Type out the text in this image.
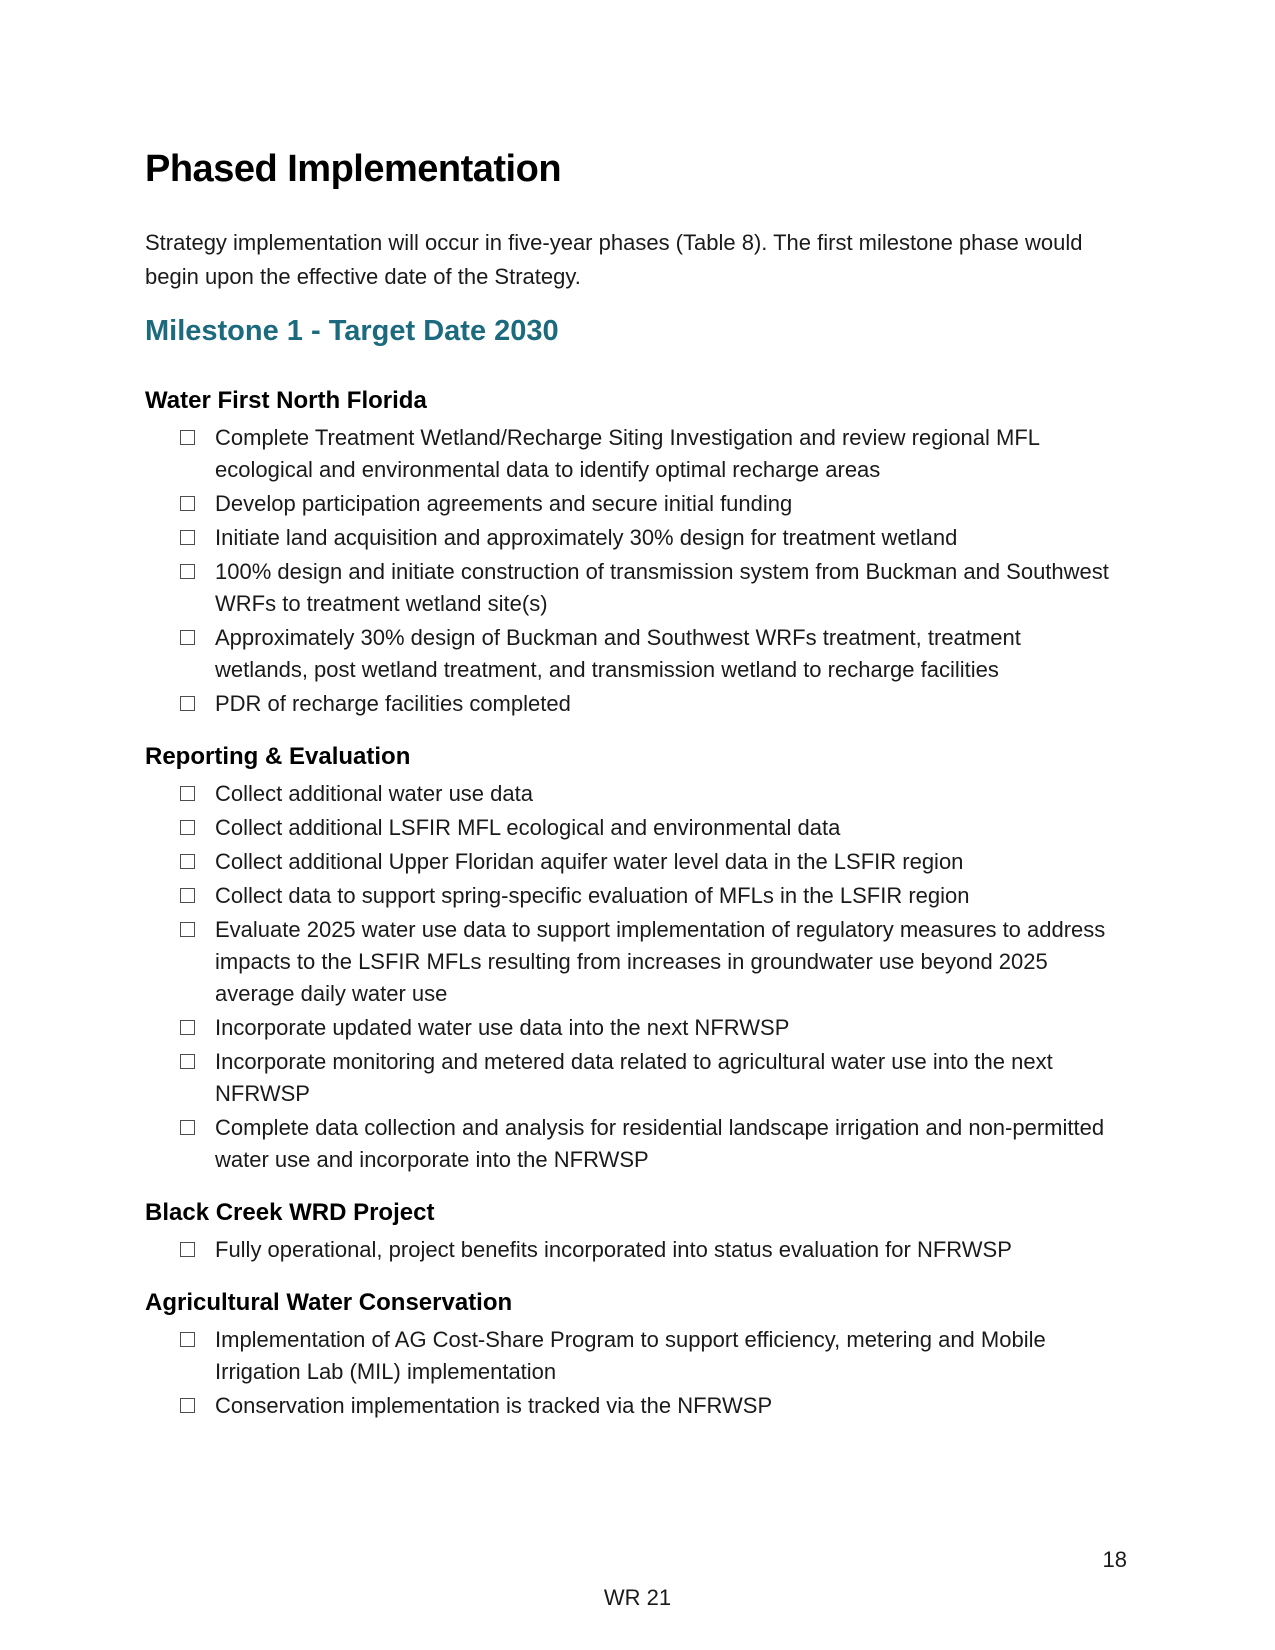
Phased Implementation

Strategy implementation will occur in five-year phases (Table 8). The first milestone phase would begin upon the effective date of the Strategy.

Milestone 1 - Target Date 2030
Water First North Florida
Complete Treatment Wetland/Recharge Siting Investigation and review regional MFL ecological and environmental data to identify optimal recharge areas
Develop participation agreements and secure initial funding
Initiate land acquisition and approximately 30% design for treatment wetland
100% design and initiate construction of transmission system from Buckman and Southwest WRFs to treatment wetland site(s)
Approximately 30% design of Buckman and Southwest WRFs treatment, treatment wetlands, post wetland treatment, and transmission wetland to recharge facilities
PDR of recharge facilities completed
Reporting & Evaluation
Collect additional water use data
Collect additional LSFIR MFL ecological and environmental data
Collect additional Upper Floridan aquifer water level data in the LSFIR region
Collect data to support spring-specific evaluation of MFLs in the LSFIR region
Evaluate 2025 water use data to support implementation of regulatory measures to address impacts to the LSFIR MFLs resulting from increases in groundwater use beyond 2025 average daily water use
Incorporate updated water use data into the next NFRWSP
Incorporate monitoring and metered data related to agricultural water use into the next NFRWSP
Complete data collection and analysis for residential landscape irrigation and non-permitted water use and incorporate into the NFRWSP
Black Creek WRD Project
Fully operational, project benefits incorporated into status evaluation for NFRWSP
Agricultural Water Conservation
Implementation of AG Cost-Share Program to support efficiency, metering and Mobile Irrigation Lab (MIL) implementation
Conservation implementation is tracked via the NFRWSP
18
WR 21
